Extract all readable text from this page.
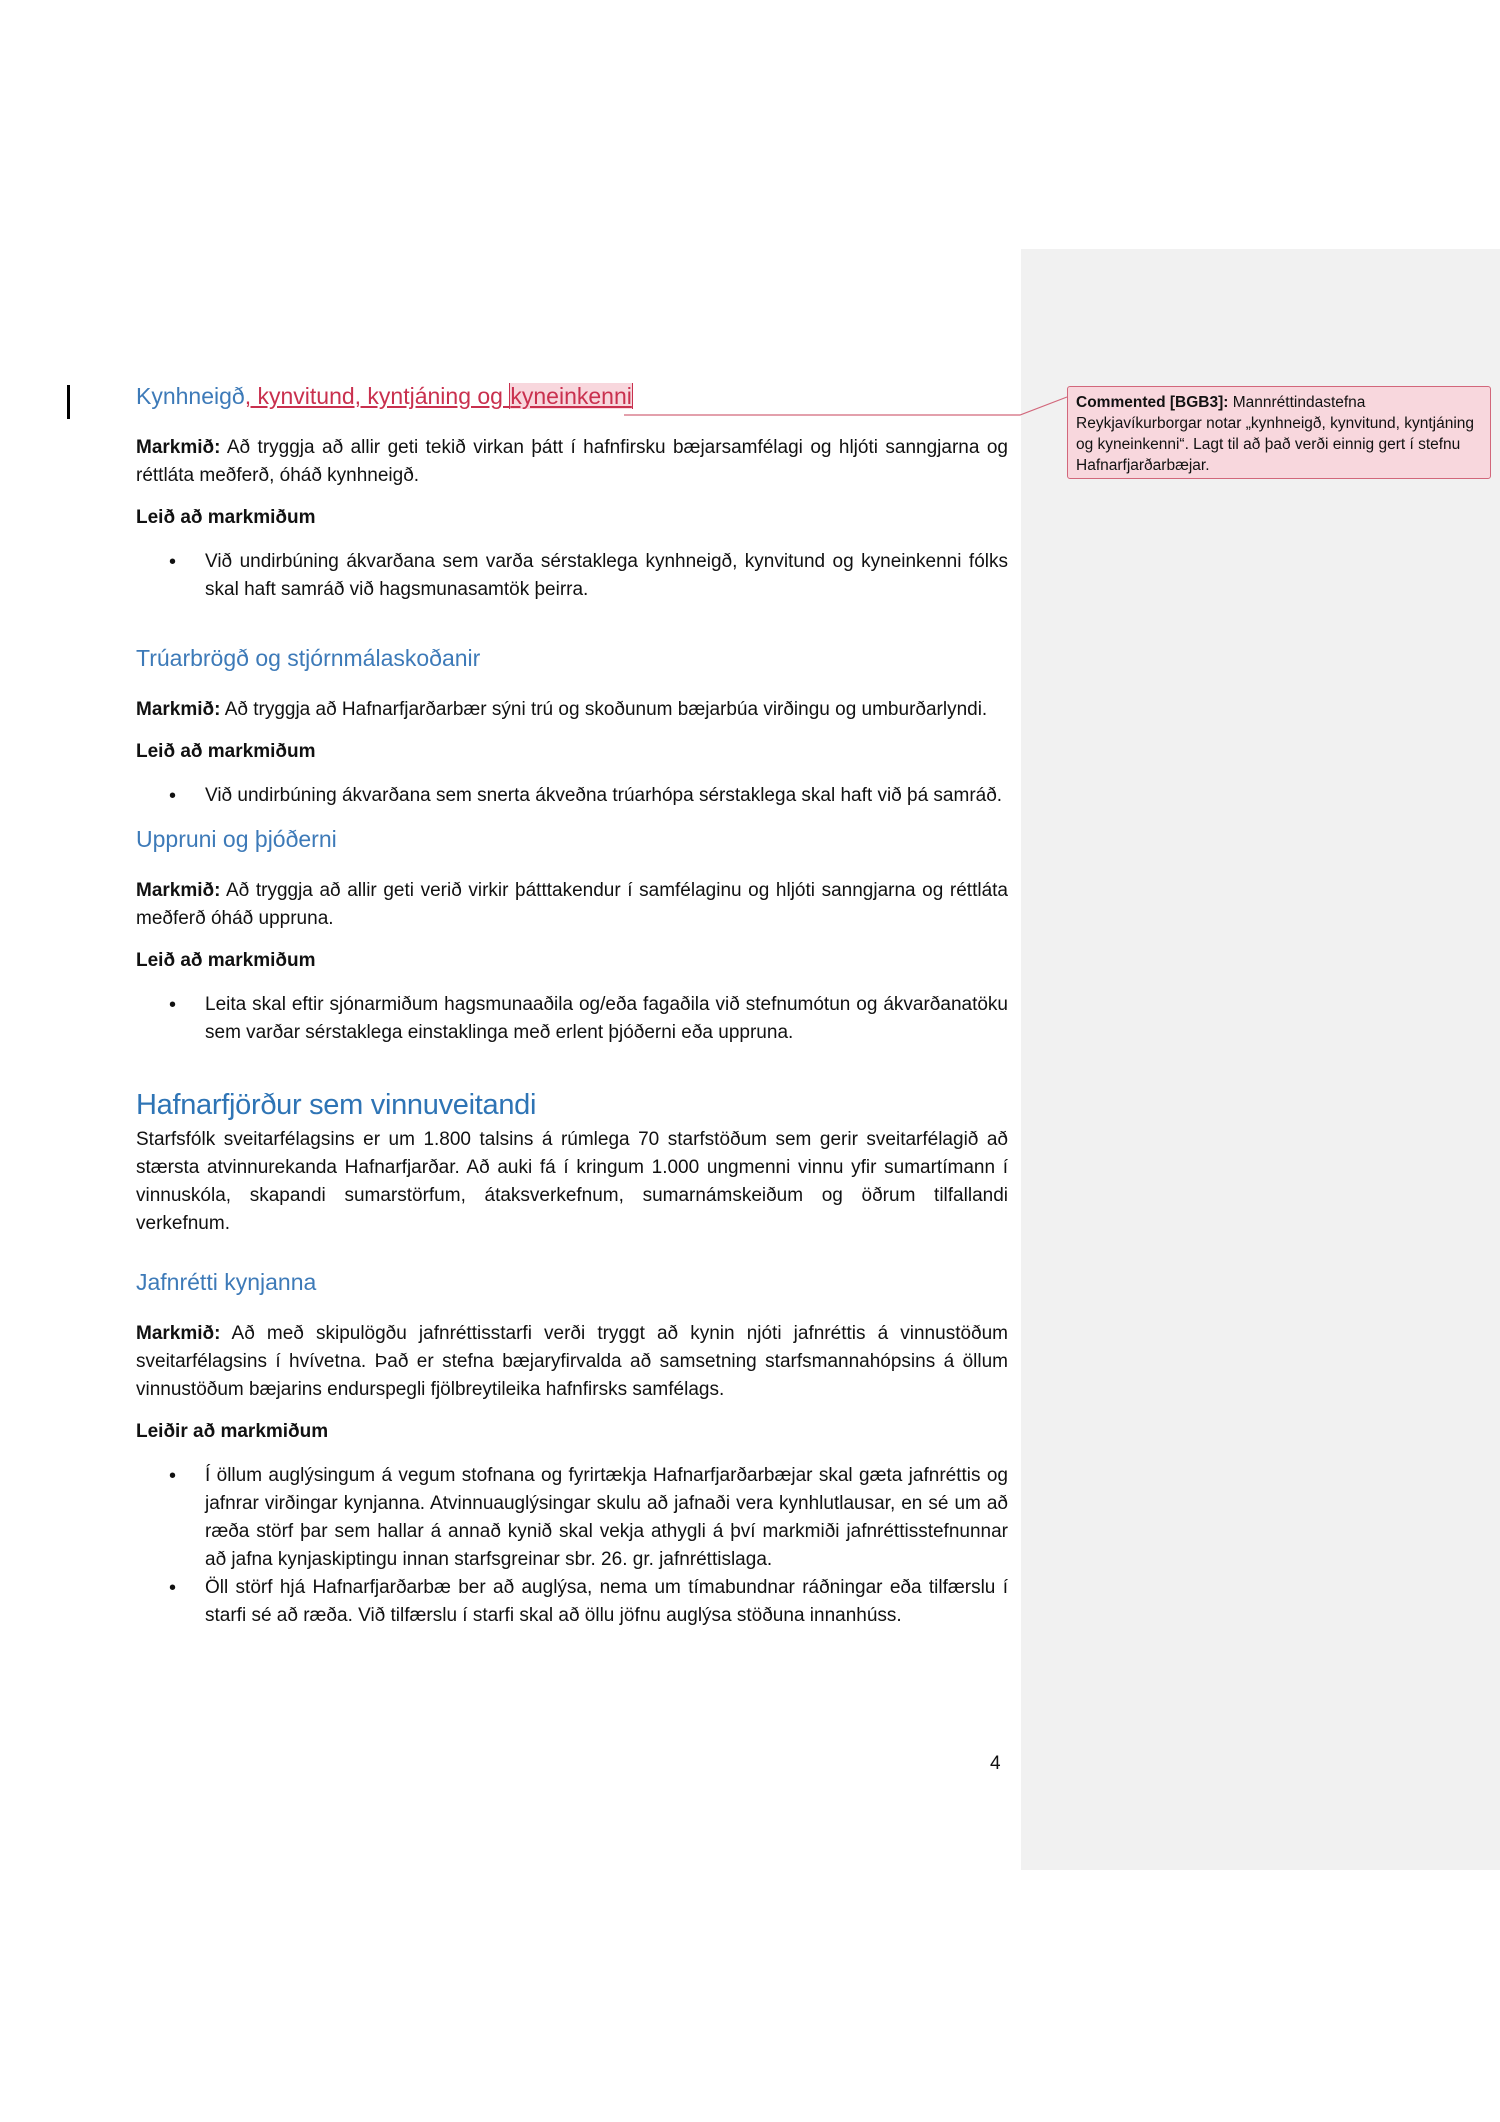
Commented [BGB3]: Mannréttindastefna Reykjavíkurborgar notar „kynhneigð, kynvitund, kyntjáning og kyneinkenni“. Lagt til að það verði einnig gert í stefnu Hafnarfjarðarbæjar.
Kynhneigð, kynvitund, kyntjáning og kyneinkenni

Markmið: Að tryggja að allir geti tekið virkan þátt í hafnfirsku bæjarsamfélagi og hljóti sanngjarna og réttláta meðferð, óháð kynhneigð.

Leið að markmiðum

• Við undirbúning ákvarðana sem varða sérstaklega kynhneigð, kynvitund og kyneinkenni fólks skal haft samráð við hagsmunasamtök þeirra.
Trúarbrögð og stjórnmálaskoðanir

Markmið: Að tryggja að Hafnarfjarðarbær sýni trú og skoðunum bæjarbúa virðingu og umburðarlyndi.

Leið að markmiðum

• Við undirbúning ákvarðana sem snerta ákveðna trúarhópa sérstaklega skal haft við þá samráð.
Uppruni og þjóðerni

Markmið: Að tryggja að allir geti verið virkir þátttakendur í samfélaginu og hljóti sanngjarna og réttláta meðferð óháð uppruna.

Leið að markmiðum

• Leita skal eftir sjónarmiðum hagsmunaaðila og/eða fagaðila við stefnumótun og ákvarðanatöku sem varðar sérstaklega einstaklinga með erlent þjóðerni eða uppruna.
Hafnarfjörður sem vinnuveitandi

Starfsfólk sveitarfélagsins er um 1.800 talsins á rúmlega 70 starfstöðum sem gerir sveitarfélagið að stærsta atvinnurekanda Hafnarfjarðar. Að auki fá í kringum 1.000 ungmenni vinnu yfir sumartímann í vinnuskóla, skapandi sumarstörfum, átaksverkefnum, sumarnámskeiðum og öðrum tilfallandi verkefnum.

Jafnrétti kynjanna

Markmið: Að með skipulögðu jafnréttisstarfi verði tryggt að kynin njóti jafnréttis á vinnustöðum sveitarfélagsins í hvívetna. Það er stefna bæjaryfirvalda að samsetning starfsmannahópsins á öllum vinnustöðum bæjarins endurspegli fjölbreytileika hafnfirsks samfélags.

Leiðir að markmiðum

• Í öllum auglýsingum á vegum stofnana og fyrirtækja Hafnarfjarðarbæjar skal gæta jafnréttis og jafnrar virðingar kynjanna. Atvinnuauglýsingar skulu að jafnaði vera kynhlutlausar, en sé um að ræða störf þar sem hallar á annað kynið skal vekja athygli á því markmiði jafnréttisstefnunnar að jafna kynjaskiptingu innan starfsgreinar sbr. 26. gr. jafnréttislaga.
• Öll störf hjá Hafnarfjarðarbæ ber að auglýsa, nema um tímabundnar ráðningar eða tilfærslu í starfi sé að ræða. Við tilfærslu í starfi skal að öllu jöfnu auglýsa stöðuna innanhúss.
4
